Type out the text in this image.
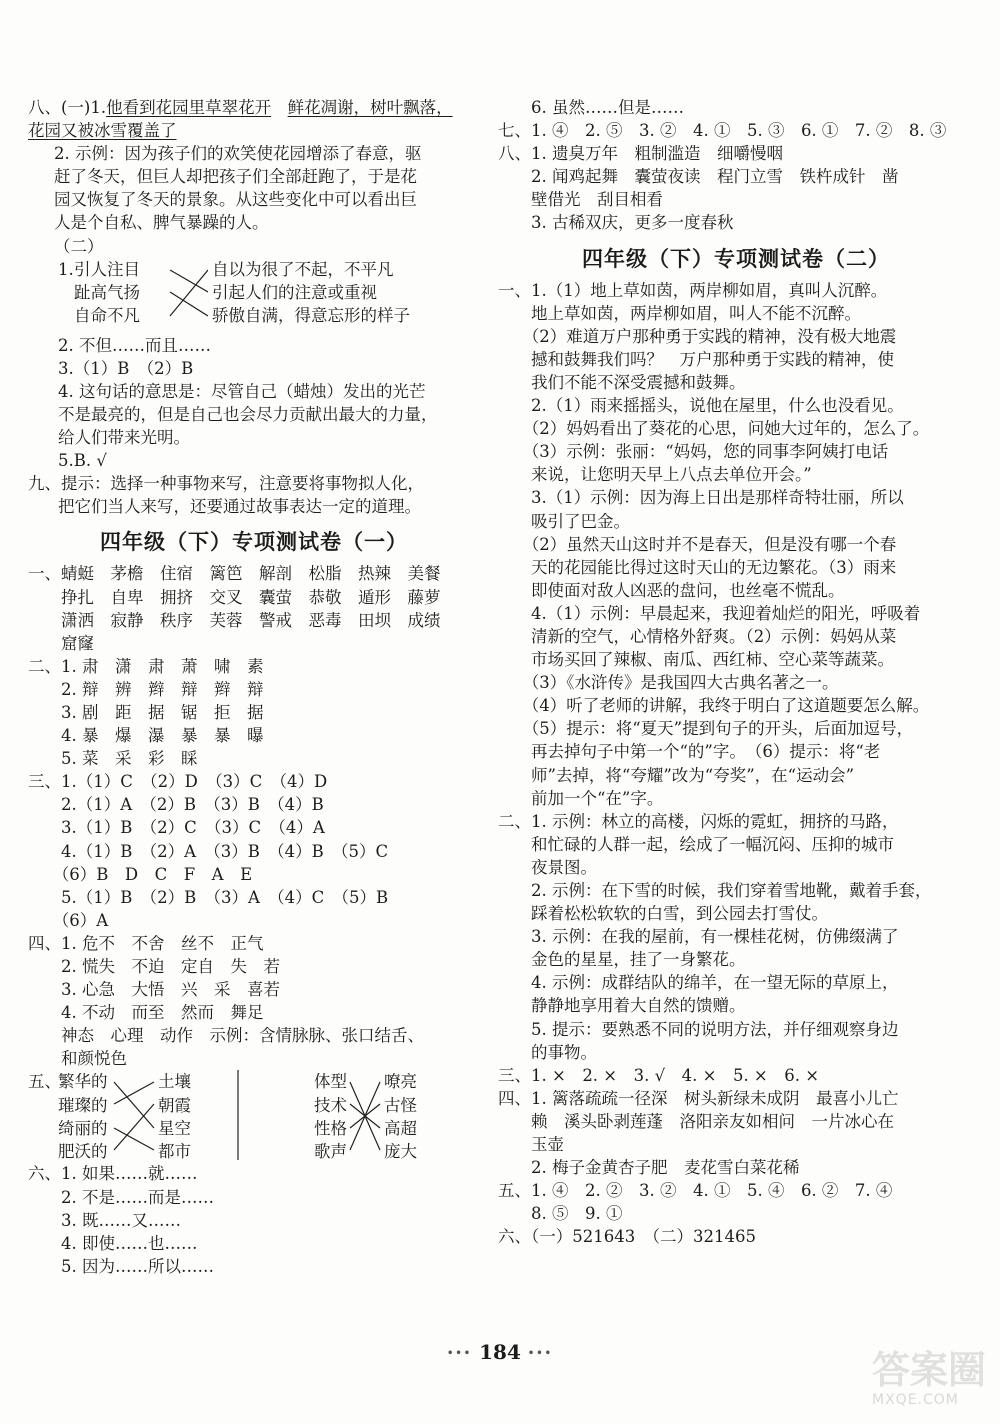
八、(一)1.他看到花园里草翠花开　 鲜花凋谢，树叶飘落，
花园又被冰雪覆盖了
2. 示例：因为孩子们的欢笑使花园增添了春意，驱
赶了冬天，但巨人却把孩子们全部赶跑了，于是花
园又恢复了冬天的景象。从这些变化中可以看出巨
人是个自私、脾气暴躁的人。
（二）
1. 引人注目
趾高气扬
自命不凡
自以为很了不起，不平凡
引起人们的注意或重视
骄傲自满，得意忘形的样子
2. 不但……而且……
3.（1）B　（2）B
4. 这句话的意思是：尽管自己（蜡烛）发出的光芒
不是最亮的，但是自己也会尽力贡献出最大的力量，
给人们带来光明。
5.B. √
九、提示：选择一种事物来写，注意要将事物拟人化，
把它们当人来写，还要通过故事表达一定的道理。
四年级（下）专项测试卷（一）
一、蜻蜓　茅檐　住宿　篱笆　解剖　松脂　热辣　美餐
　　挣扎　自卑　拥挤　交叉　囊萤　恭敬　遁形　藤萝
　　潇洒　寂静　秩序　芙蓉　警戒　恶毒　田坝　成绩
　　窟窿
二、1. 肃　潇　肃　萧　啸　素
　　2. 辩　辨　辫　辩　辫　辩
　　3. 剧　距　据　锯　拒　据
　　4. 暴　爆　瀑　暴　暴　曝
　　5. 菜　采　彩　睬
三、1.（1）C　（2）D　（3）C　（4）D
　　2.（1）A　（2）B　（3）B　（4）B
　　3.（1）B　（2）C　（3）C　（4）A
　　4.（1）B　（2）A　（3）B　（4）B　（5）C
　　（6）B　D　C　F　A　E
　　5.（1）B　（2）B　（3）A　（4）C　（5）B
　　（6）A
四、1. 危不　不舍　丝不　正气
　　2. 慌失　不迫　定自　失　若
　　3. 心急　大悟　兴　采　喜若
　　4. 不动　而至　然而　舞足
　　神态　心理　动作　示例：含情脉脉、张口结舌、
　　和颜悦色
五、
繁华的
璀璨的
绮丽的
肥沃的
土壤
朝霞
星空
都市
体型
技术
性格
歌声
嘹亮
古怪
高超
庞大
六、1. 如果……就……
　　2. 不是……而是……
　　3. 既……又……
　　4. 即使……也……
　　5. 因为……所以……
　　6. 虽然……但是……
七、1. ④　2. ⑤　3. ②　4. ①　5. ③　6. ①　7. ②　8. ③
八、1. 遗臭万年　粗制滥造　细嚼慢咽
　　2. 闻鸡起舞　囊萤夜读　程门立雪　铁杵成针　凿
　　壁借光　刮目相看
　　3. 古稀双庆，更多一度春秋
四年级（下）专项测试卷（二）
一、1.（1）地上草如茵，两岸柳如眉，真叫人沉醉。
　　地上草如茵，两岸柳如眉，叫人不能不沉醉。
　　（2）难道万户那种勇于实践的精神，没有极大地震
　　撼和鼓舞我们吗？　万户那种勇于实践的精神，使
　　我们不能不深受震撼和鼓舞。
　　2.（1）雨来摇摇头，说他在屋里，什么也没看见。
　　（2）妈妈看出了葵花的心思，问她大过年的，怎么了。
　　（3）示例：张丽：“妈妈，您的同事李阿姨打电话
　　来说，让您明天早上八点去单位开会。”
　　3.（1）示例：因为海上日出是那样奇特壮丽，所以
　　吸引了巴金。
　　（2）虽然天山这时并不是春天，但是没有哪一个春
　　天的花园能比得过这时天山的无边繁花。（3）雨来
　　即使面对敌人凶恶的盘问，也丝毫不慌乱。
　　4.（1）示例：早晨起来，我迎着灿烂的阳光，呼吸着
　　清新的空气，心情格外舒爽。（2）示例：妈妈从菜
　　市场买回了辣椒、南瓜、西红柿、空心菜等蔬菜。
　　（3）《水浒传》是我国四大古典名著之一。
　　（4）听了老师的讲解，我终于明白了这道题要怎么解。
　　（5）提示：将“夏天”提到句子的开头，后面加逗号，
　　再去掉句子中第一个“的”字。　（6）提示：将“老
　　师”去掉，将“夸耀”改为“夸奖”，在“运动会”
　　前加一个“在”字。
二、1. 示例：林立的高楼，闪烁的霓虹，拥挤的马路，
　　和忙碌的人群一起，绘成了一幅沉闷、压抑的城市
　　夜景图。
　　2. 示例：在下雪的时候，我们穿着雪地靴，戴着手套，
　　踩着松松软软的白雪，到公园去打雪仗。
　　3. 示例：在我的屋前，有一棵桂花树，仿佛缀满了
　　金色的星星，挂了一身繁花。
　　4. 示例：成群结队的绵羊，在一望无际的草原上，
　　静静地享用着大自然的馈赠。
　　5. 提示：要熟悉不同的说明方法，并仔细观察身边
　　的事物。
三、1. ×　2. ×　3. √　4. ×　5. ×　6. ×
四、1. 篱落疏疏一径深　树头新绿未成阴　最喜小儿亡
　　赖　溪头卧剥莲蓬　洛阳亲友如相问　一片冰心在
　　玉壶
　　2. 梅子金黄杏子肥　麦花雪白菜花稀
五、1. ④　2. ②　3. ②　4. ①　5. ④　6. ②　7. ④
　　8. ⑤　9. ①
六、（一）521643　（二）321465
••• 184 •••	答案圈
MXQE.COM
